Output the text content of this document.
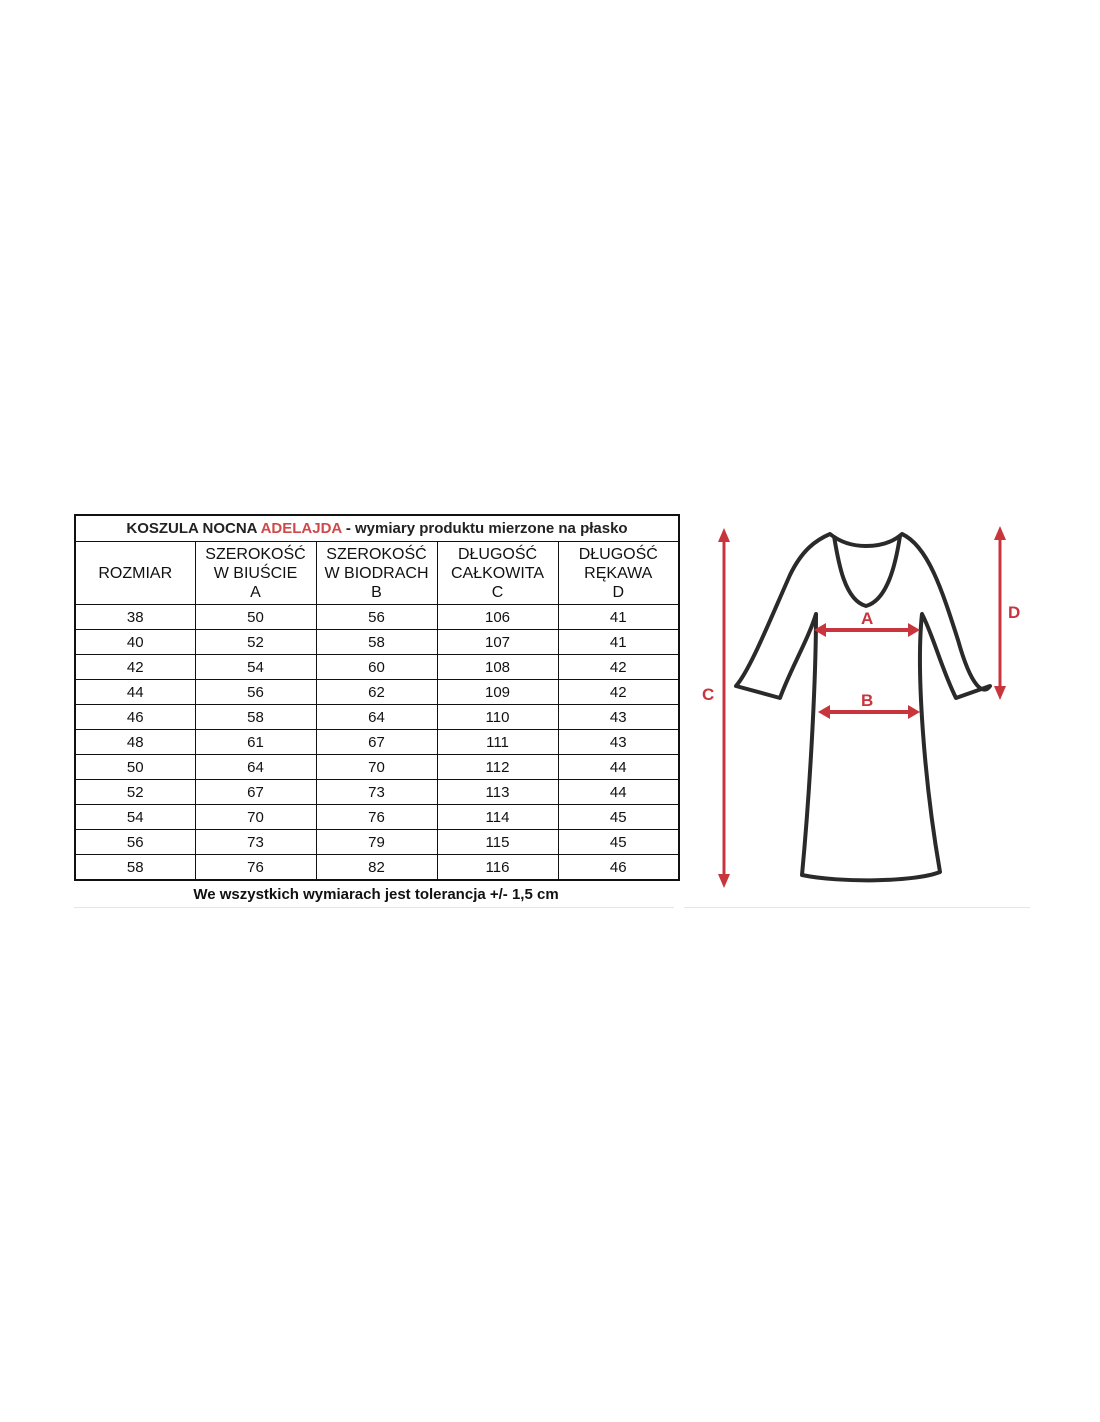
KOSZULA NOCNA ADELAJDA - wymiary produktu mierzone na płasko				
ROZMIAR	SZEROKOŚĆ
W BIUŚCIE
A	SZEROKOŚĆ
W BIODRACH
B	DŁUGOŚĆ
CAŁKOWITA
C	DŁUGOŚĆ
RĘKAWA
D
38	50	56	106	41
40	52	58	107	41
42	54	60	108	42
44	56	62	109	42
46	58	64	110	43
48	61	67	111	43
50	64	70	112	44
52	67	73	113	44
54	70	76	114	45
56	73	79	115	45
58	76	82	116	46
We wszystkich wymiarach jest tolerancja +/- 1,5 cm
A
B
C
D
